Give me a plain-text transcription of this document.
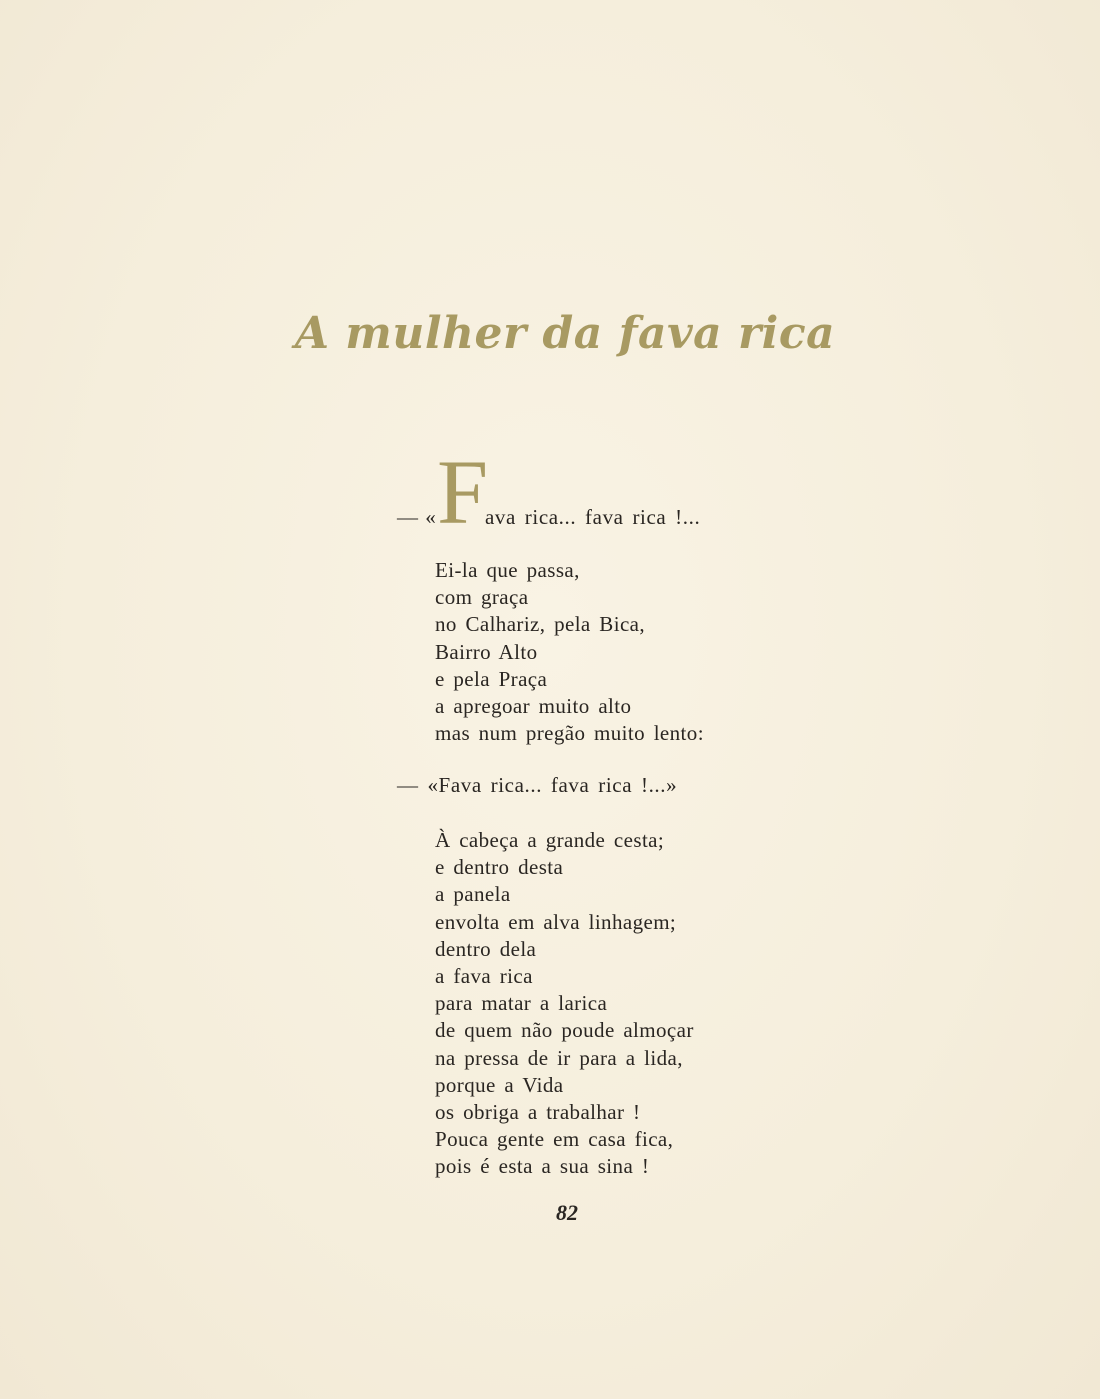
A mulher da fava rica
— « F
ava rica... fava rica !...
Ei-la que passa,
com graça
no Calhariz, pela Bica,
Bairro Alto
e pela Praça
a apregoar muito alto
mas num pregão muito lento:
— «Fava rica... fava rica !...»
À cabeça a grande cesta;
e dentro desta
a panela
envolta em alva linhagem;
dentro dela
a fava rica
para matar a larica
de quem não poude almoçar
na pressa de ir para a lida,
porque a Vida
os obriga a trabalhar !
Pouca gente em casa fica,
pois é esta a sua sina !
82
